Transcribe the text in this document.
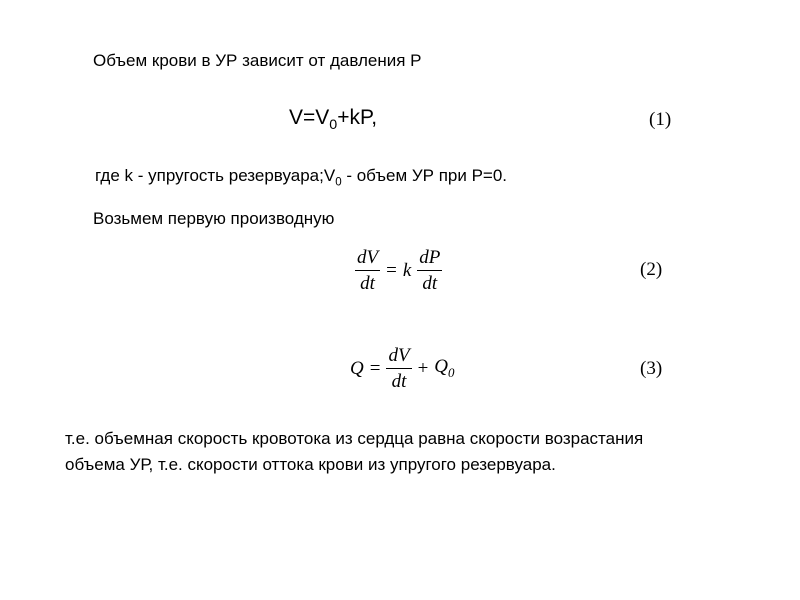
Объем крови в УР зависит от давления Р
$V=V_0+kP$,	(1)
где k - упругость $резервуара;V_0$ - объем УР при Р=0.
Возьмем первую производную
$\frac{dV}{dt} = k \frac{dP}{dt}$	(2)
$Q = \frac{dV}{dt} + Q_0$	(3)
т.е. объемная скорость кровотока из сердца равна скорости возрастания
объема УР, т.е. скорости оттока крови из упругого резервуара.
